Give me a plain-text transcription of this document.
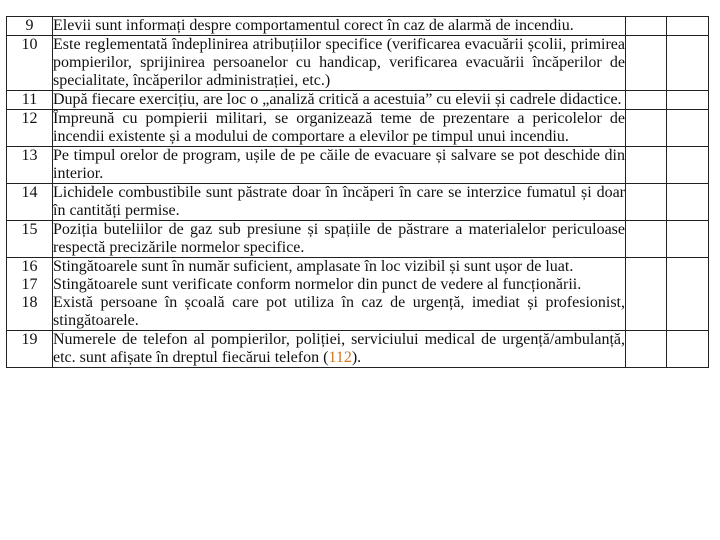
9	Elevii sunt informați despre comportamentul corect în caz de alarmă de incendiu.		

10	Este reglementată îndeplinirea atribuțiilor specifice (verificarea evacuării școlii, primirea pompierilor, sprijinirea persoanelor cu handicap, verificarea evacuării încăperilor de specialitate, încăperilor administrației, etc.)		

11	După fiecare exercițiu, are loc o „analiză critică a acestuia” cu elevii și cadrele didactice.		

12	Împreună cu pompierii militari, se organizează teme de prezentare a pericolelor de incendii existente și a modului de comportare a elevilor pe timpul unui incendiu.		

13	Pe timpul orelor de program, ușile de pe căile de evacuare și salvare se pot deschide din interior.		

14	Lichidele combustibile sunt păstrate doar în încăperi în care se interzice fumatul și doar în cantități permise.		

15	Poziția buteliilor de gaz sub presiune și spațiile de păstrare a materialelor periculoase respectă precizările normelor specifice.		

16	Stingătoarele sunt în număr suficient, amplasate în loc vizibil și sunt ușor de luat.		

17	Stingătoarele sunt verificate conform normelor din punct de vedere al funcționării.		

18	Există persoane în școală care pot utiliza în caz de urgență, imediat și profesionist, stingătoarele.		

19	Numerele de telefon al pompierilor, poliției, serviciului medical de urgență/ambulanță, etc. sunt afișate în dreptul fiecărui telefon (112).		
